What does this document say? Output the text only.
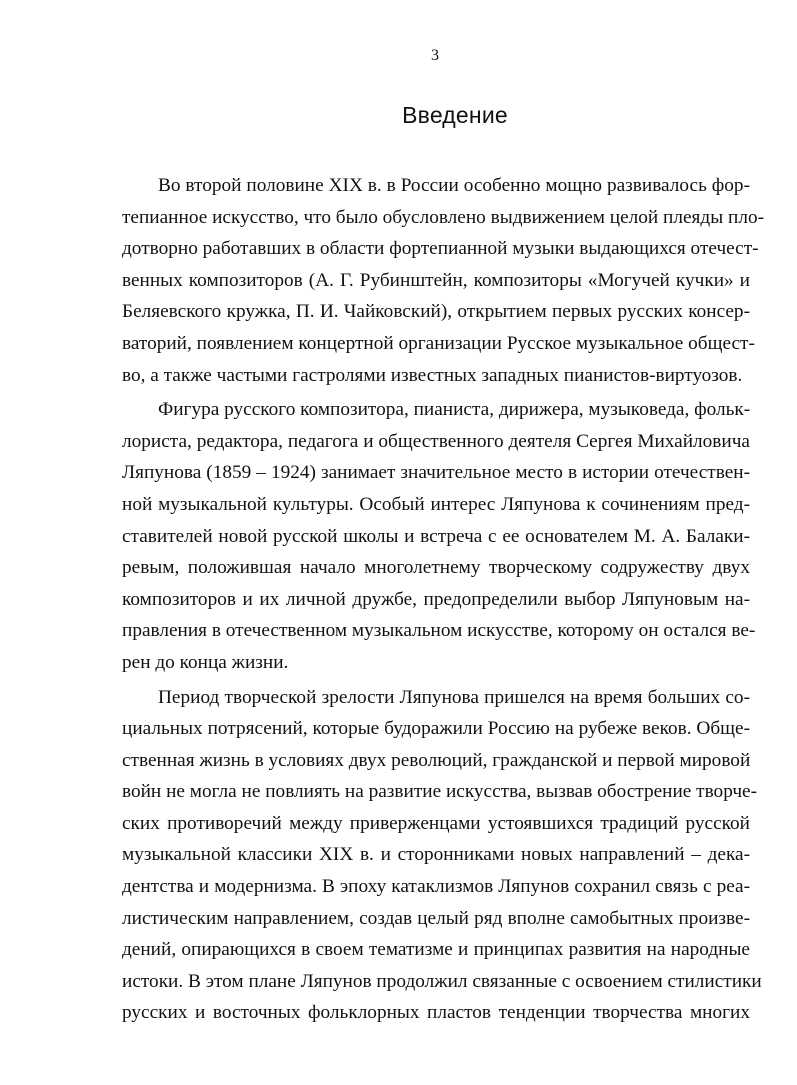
3
Введение
Во второй половине XIX в. в России особенно мощно развивалось фор-
тепианное искусство, что было обусловлено выдвижением целой плеяды пло-
дотворно работавших в области фортепианной музыки выдающихся отечест-
венных композиторов (А. Г. Рубинштейн, композиторы «Могучей кучки» и
Беляевского кружка, П. И. Чайковский), открытием первых русских консер-
ваторий, появлением концертной организации Русское музыкальное общест-
во, а также частыми гастролями известных западных пианистов-виртуозов.
Фигура русского композитора, пианиста, дирижера, музыковеда, фольк-
лориста, редактора, педагога и общественного деятеля Сергея Михайловича
Ляпунова (1859 – 1924) занимает значительное место в истории отечествен-
ной музыкальной культуры. Особый интерес Ляпунова к сочинениям пред-
ставителей новой русской школы и встреча с ее основателем М. А. Балаки-
ревым, положившая начало многолетнему творческому содружеству двух
композиторов и их личной дружбе, предопределили выбор Ляпуновым на-
правления в отечественном музыкальном искусстве, которому он остался ве-
рен до конца жизни.
Период творческой зрелости Ляпунова пришелся на время больших со-
циальных потрясений, которые будоражили Россию на рубеже веков. Обще-
ственная жизнь в условиях двух революций, гражданской и первой мировой
войн не могла не повлиять на развитие искусства, вызвав обострение творче-
ских противоречий между приверженцами устоявшихся традиций русской
музыкальной классики XIX в. и сторонниками новых направлений – дека-
дентства и модернизма. В эпоху катаклизмов Ляпунов сохранил связь с реа-
листическим направлением, создав целый ряд вполне самобытных произве-
дений, опирающихся в своем тематизме и принципах развития на народные
истоки. В этом плане Ляпунов продолжил связанные с освоением стилистики
русских и восточных фольклорных пластов тенденции творчества многих
